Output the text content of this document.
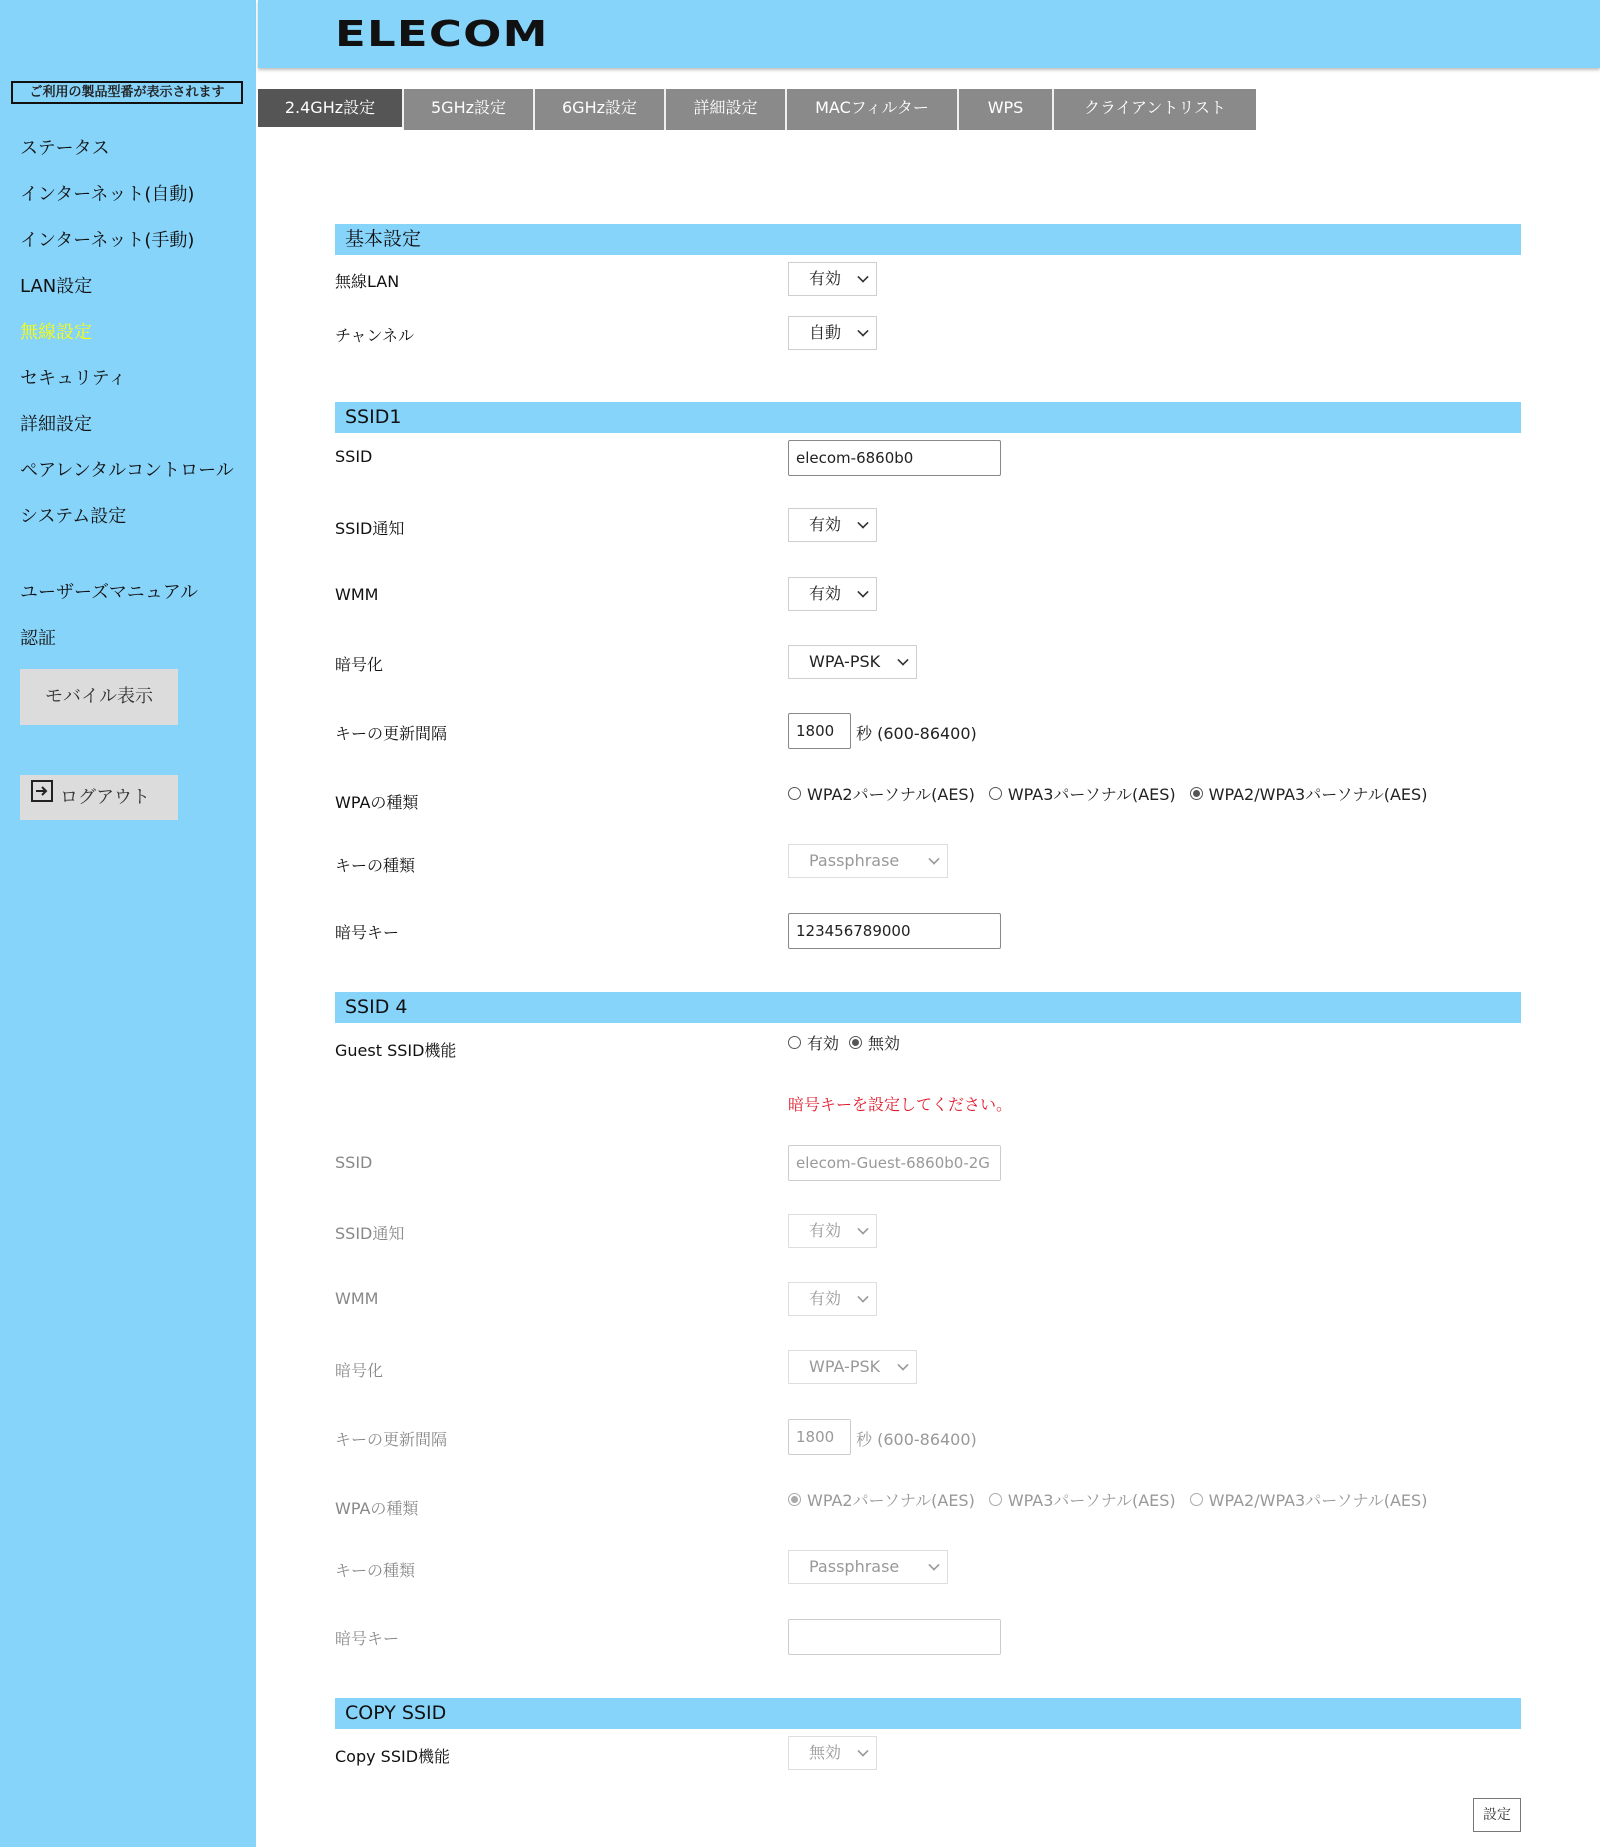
ご利用の製品型番が表示されます
ステータス
インターネット(自動)
インターネット(手動)
LAN設定
無線設定
セキュリティ
詳細設定
ペアレンタルコントロール
システム設定
ユーザーズマニュアル
認証
モバイル表示
ログアウト
ELECOM
2.4GHz設定	5GHz設定	6GHz設定	詳細設定	MACフィルター	WPS	クライアントリスト
基本設定
無線LAN	有効
チャンネル	自動
SSID1
SSID	elecom-6860b0
SSID通知	有効
WMM	有効
暗号化	WPA-PSK
キーの更新間隔	1800	秒 (600-86400)
WPAの種類	WPA2パーソナル(AES) WPA3パーソナル(AES) WPA2/WPA3パーソナル(AES)
キーの種類	Passphrase
暗号キー	123456789000
SSID 4
Guest SSID機能	有効 無効
暗号キーを設定してください。
SSID	elecom-Guest-6860b0-2G
SSID通知	有効
WMM	有効
暗号化	WPA-PSK
キーの更新間隔	1800	秒 (600-86400)
WPAの種類	WPA2パーソナル(AES) WPA3パーソナル(AES) WPA2/WPA3パーソナル(AES)
キーの種類	Passphrase
暗号キー
COPY SSID
Copy SSID機能	無効
設定
